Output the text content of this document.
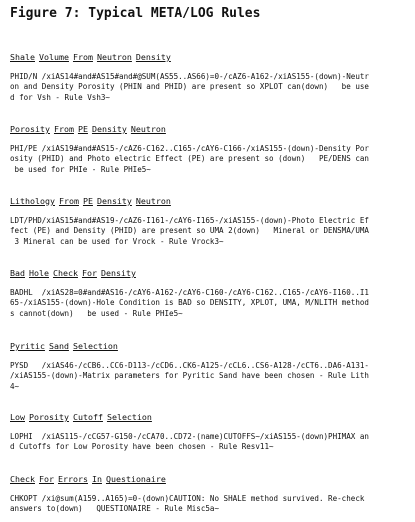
Figure 7: Typical META/LOG Rules
Shale Volume From Neutron Density
PHID/N /xiAS14#and#AS15#and#@SUM(AS55..AS66)=0-/cAZ6-A162-/xiAS155-(down)-Neutr
on and Density Porosity (PHIN and PHID) are present so XPLOT can(down)   be use
d for Vsh - Rule Vsh3~
Porosity From PE Density Neutron
PHI/PE /xiAS19#and#AS15-/cAZ6-C162..C165-/cAY6-C166-/xiAS155-(down)-Density Por
osity (PHID) and Photo electric Effect (PE) are present so (down)   PE/DENS can
be used for PHIe - Rule PHIe5~
Lithology From PE Density Neutron
LDT/PHD/xiAS15#and#AS19-/cAZ6-I161-/cAY6-I165-/xiAS155-(down)-Photo Electric Ef
fect (PE) and Density (PHID) are present so UMA 2(down)   Mineral or DENSMA/UMA
3 Mineral can be used for Vrock - Rule Vrock3~
Bad Hole Check For Density
BADHL  /xiAS28=0#and#AS16-/cAY6-A162-/cAY6-C160-/cAY6-C162..C165-/cAY6-I160..I1
65-/xiAS155-(down)-Hole Condition is BAD so DENSITY, XPLOT, UMA, M/NLITH method
s cannot(down)   be used - Rule PHIe5~
Pyritic Sand Selection
PYSD   /xiAS46-/cCB6..CC6-D113-/cCD6..CK6-A125-/cCL6..CS6-A128-/cCT6..DA6-A131-
/xiAS155-(down)-Matrix parameters for Pyritic Sand have been chosen - Rule Lith
4~
Low Porosity Cutoff Selection
LOPHI  /xiAS115-/cCG57-G150-/cCA70..CD72-(name)CUTOFFS~/xiAS155-(down)PHIMAX an
d Cutoffs for Low Porosity have been chosen - Rule Resv11~
Check For Errors In Questionaire
CHKOPT /xi@sum(A159..A165)=0-(down)CAUTION: No SHALE method survived. Re-check
answers to(down)   QUESTIONAIRE - Rule Misc5a~
